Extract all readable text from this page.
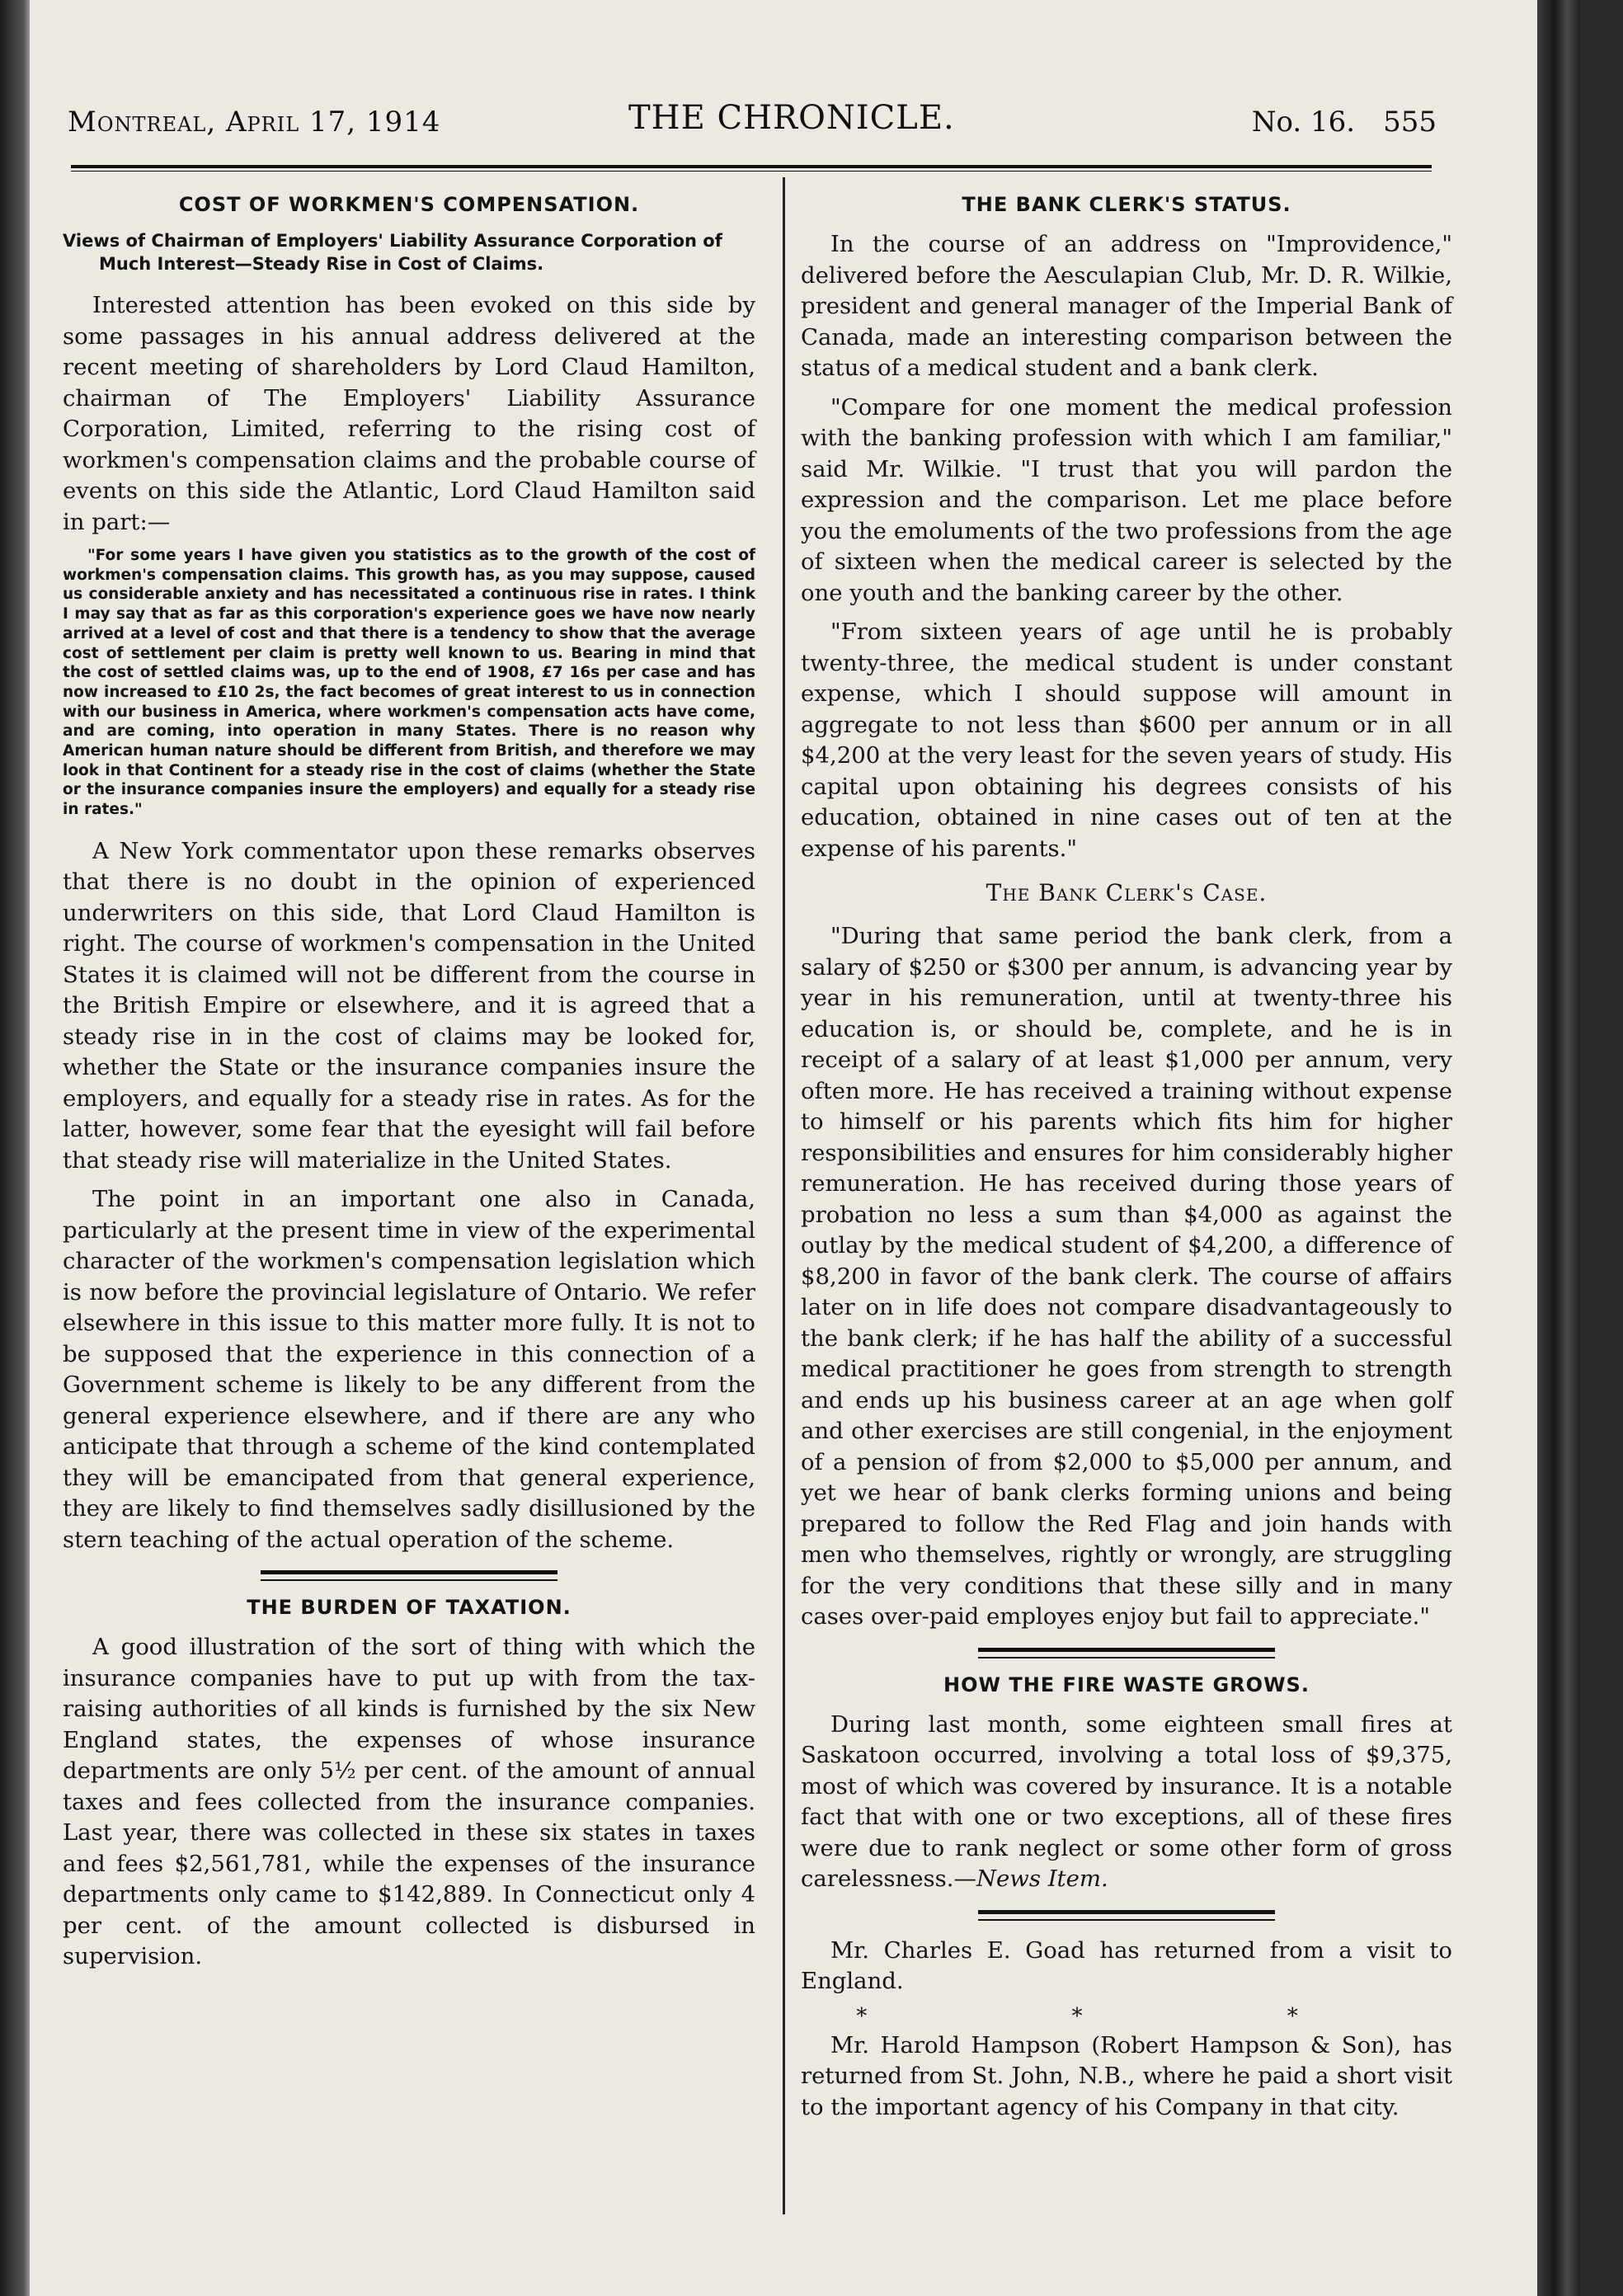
Montreal, April 17, 1914	THE CHRONICLE.	No. 16. 555
COST OF WORKMEN'S COMPENSATION.
Views of Chairman of Employers' Liability Assurance Corporation of Much Interest—Steady Rise in Cost of Claims.

Interested attention has been evoked on this side by some passages in his annual address delivered at the recent meeting of shareholders by Lord Claud Hamilton, chairman of The Employers' Liability Assurance Corporation, Limited, referring to the rising cost of workmen's compensation claims and the probable course of events on this side the Atlantic, Lord Claud Hamilton said in part:—

"For some years I have given you statistics as to the growth of the cost of workmen's compensation claims. This growth has, as you may suppose, caused us considerable anxiety and has necessitated a continuous rise in rates. I think I may say that as far as this corporation's experience goes we have now nearly arrived at a level of cost and that there is a tendency to show that the average cost of settlement per claim is pretty well known to us. Bearing in mind that the cost of settled claims was, up to the end of 1908, £7 16s per case and has now increased to £10 2s, the fact becomes of great interest to us in connection with our business in America, where workmen's compensation acts have come, and are coming, into operation in many States. There is no reason why American human nature should be different from British, and therefore we may look in that Continent for a steady rise in the cost of claims (whether the State or the insurance companies insure the employers) and equally for a steady rise in rates."

A New York commentator upon these remarks observes that there is no doubt in the opinion of experienced underwriters on this side, that Lord Claud Hamilton is right. The course of workmen's compensation in the United States it is claimed will not be different from the course in the British Empire or elsewhere, and it is agreed that a steady rise in in the cost of claims may be looked for, whether the State or the insurance companies insure the employers, and equally for a steady rise in rates. As for the latter, however, some fear that the eyesight will fail before that steady rise will materialize in the United States.

The point in an important one also in Canada, particularly at the present time in view of the experimental character of the workmen's compensation legislation which is now before the provincial legislature of Ontario. We refer elsewhere in this issue to this matter more fully. It is not to be supposed that the experience in this connection of a Government scheme is likely to be any different from the general experience elsewhere, and if there are any who anticipate that through a scheme of the kind contemplated they will be emancipated from that general experience, they are likely to find themselves sadly disillusioned by the stern teaching of the actual operation of the scheme.

THE BURDEN OF TAXATION.

A good illustration of the sort of thing with which the insurance companies have to put up with from the tax-raising authorities of all kinds is furnished by the six New England states, the expenses of whose insurance departments are only 5½ per cent. of the amount of annual taxes and fees collected from the insurance companies. Last year, there was collected in these six states in taxes and fees $2,561,781, while the expenses of the insurance departments only came to $142,889. In Connecticut only 4 per cent. of the amount collected is disbursed in supervision.

THE BANK CLERK'S STATUS.

In the course of an address on "Improvidence," delivered before the Aesculapian Club, Mr. D. R. Wilkie, president and general manager of the Imperial Bank of Canada, made an interesting comparison between the status of a medical student and a bank clerk.

"Compare for one moment the medical profession with the banking profession with which I am familiar," said Mr. Wilkie. "I trust that you will pardon the expression and the comparison. Let me place before you the emoluments of the two professions from the age of sixteen when the medical career is selected by the one youth and the banking career by the other.

"From sixteen years of age until he is probably twenty-three, the medical student is under constant expense, which I should suppose will amount in aggregate to not less than $600 per annum or in all $4,200 at the very least for the seven years of study. His capital upon obtaining his degrees consists of his education, obtained in nine cases out of ten at the expense of his parents."

The Bank Clerk's Case.

"During that same period the bank clerk, from a salary of $250 or $300 per annum, is advancing year by year in his remuneration, until at twenty-three his education is, or should be, complete, and he is in receipt of a salary of at least $1,000 per annum, very often more. He has received a training without expense to himself or his parents which fits him for higher responsibilities and ensures for him considerably higher remuneration. He has received during those years of probation no less a sum than $4,000 as against the outlay by the medical student of $4,200, a difference of $8,200 in favor of the bank clerk. The course of affairs later on in life does not compare disadvantageously to the bank clerk; if he has half the ability of a successful medical practitioner he goes from strength to strength and ends up his business career at an age when golf and other exercises are still congenial, in the enjoyment of a pension of from $2,000 to $5,000 per annum, and yet we hear of bank clerks forming unions and being prepared to follow the Red Flag and join hands with men who themselves, rightly or wrongly, are struggling for the very conditions that these silly and in many cases over-paid employes enjoy but fail to appreciate."

HOW THE FIRE WASTE GROWS.

During last month, some eighteen small fires at Saskatoon occurred, involving a total loss of $9,375, most of which was covered by insurance. It is a notable fact that with one or two exceptions, all of these fires were due to rank neglect or some other form of gross carelessness.—News Item.

Mr. Charles E. Goad has returned from a visit to England.

* * *

Mr. Harold Hampson (Robert Hampson & Son), has returned from St. John, N.B., where he paid a short visit to the important agency of his Company in that city.
